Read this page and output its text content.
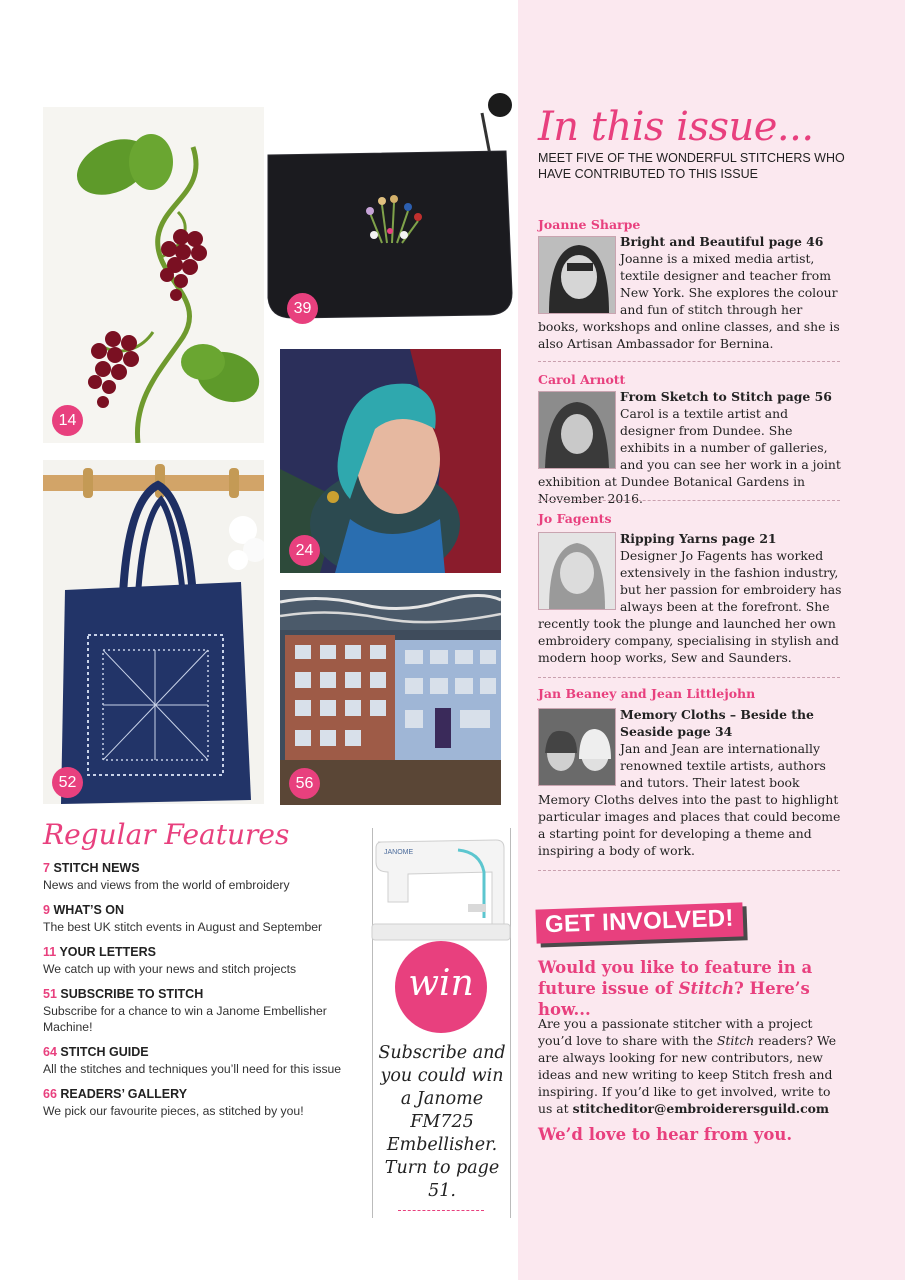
14
39
24
52	56
In this issue...
MEET FIVE OF THE WONDERFUL STITCHERS WHO HAVE CONTRIBUTED TO THIS ISSUE
Joanne Sharpe
Bright and Beautiful page 46
Joanne is a mixed media artist, textile designer and teacher from New York. She explores the colour and fun of stitch through her books, workshops and online classes, and she is also Artisan Ambassador for Bernina.
Carol Arnott
From Sketch to Stitch page 56
Carol is a textile artist and designer from Dundee. She exhibits in a number of galleries, and you can see her work in a joint exhibition at Dundee Botanical Gardens in November 2016.
Jo Fagents
Ripping Yarns page 21
Designer Jo Fagents has worked extensively in the fashion industry, but her passion for embroidery has always been at the forefront. She recently took the plunge and launched her own embroidery company, specialising in stylish and modern hoop works, Sew and Saunders.
Jan Beaney and Jean Littlejohn
Memory Cloths – Beside the Seaside page 34
Jan and Jean are internationally renowned textile artists, authors and tutors. Their latest book Memory Cloths delves into the past to highlight particular images and places that could become a starting point for developing a theme and inspiring a body of work.
GET INVOLVED!
Would you like to feature in a future issue of Stitch? Here’s how...
Are you a passionate stitcher with a project you’d love to share with the Stitch readers? We are always looking for new contributors, new ideas and new writing to keep Stitch fresh and inspiring. If you’d like to get involved, write to us at stitcheditor@embroiderersguild.com
We’d love to hear from you.
Regular Features
7 STITCH NEWS
News and views from the world of embroidery
9 WHAT’S ON
The best UK stitch events in August and September
11 YOUR LETTERS
We catch up with your news and stitch projects
51 SUBSCRIBE TO STITCH
Subscribe for a chance to win a Janome Embellisher Machine!
64 STITCH GUIDE
All the stitches and techniques you’ll need for this issue
66 READERS’ GALLERY
We pick our favourite pieces, as stitched by you!
JANOME
win
Subscribe and you could win a Janome FM725 Embellisher. Turn to page 51.
